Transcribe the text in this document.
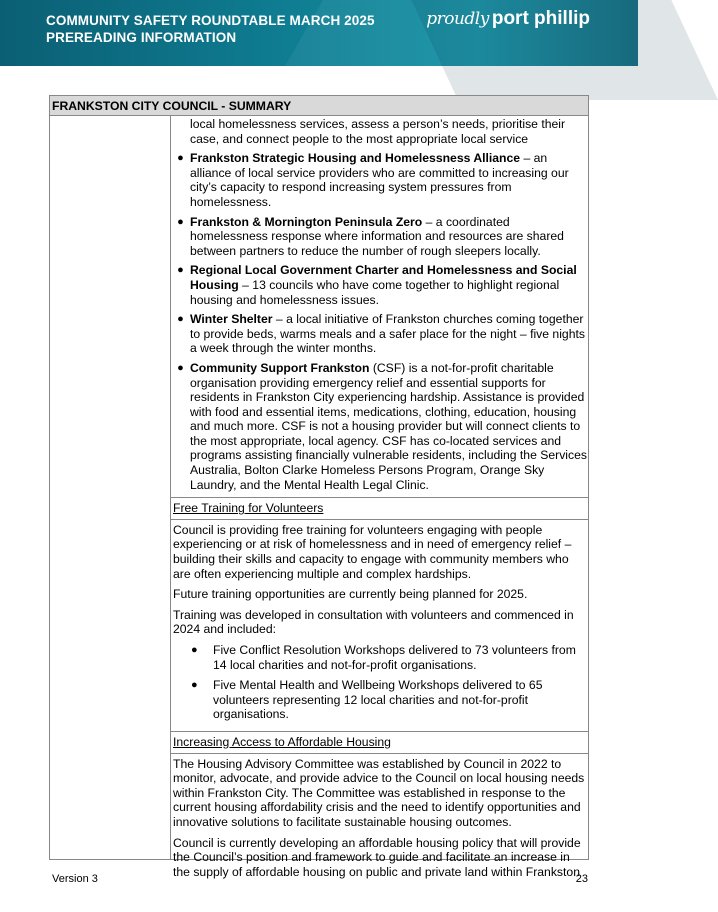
COMMUNITY SAFETY ROUNDTABLE MARCH 2025
PREREADING INFORMATION
proudly port phillip
FRANKSTON CITY COUNCIL - SUMMARY
local homelessness services, assess a person’s needs, prioritise their case, and connect people to the most appropriate local service
● Frankston Strategic Housing and Homelessness Alliance – an alliance of local service providers who are committed to increasing our city’s capacity to respond increasing system pressures from homelessness.
● Frankston & Mornington Peninsula Zero – a coordinated homelessness response where information and resources are shared between partners to reduce the number of rough sleepers locally.
● Regional Local Government Charter and Homelessness and Social Housing – 13 councils who have come together to highlight regional housing and homelessness issues.
● Winter Shelter – a local initiative of Frankston churches coming together to provide beds, warms meals and a safer place for the night – five nights a week through the winter months.
● Community Support Frankston (CSF) is a not-for-profit charitable organisation providing emergency relief and essential supports for residents in Frankston City experiencing hardship. Assistance is provided with food and essential items, medications, clothing, education, housing and much more. CSF is not a housing provider but will connect clients to the most appropriate, local agency. CSF has co-located services and programs assisting financially vulnerable residents, including the Services Australia, Bolton Clarke Homeless Persons Program, Orange Sky Laundry, and the Mental Health Legal Clinic.
Free Training for Volunteers
Council is providing free training for volunteers engaging with people experiencing or at risk of homelessness and in need of emergency relief – building their skills and capacity to engage with community members who are often experiencing multiple and complex hardships.
Future training opportunities are currently being planned for 2025.
Training was developed in consultation with volunteers and commenced in 2024 and included:
●	Five Conflict Resolution Workshops delivered to 73 volunteers from 14 local charities and not-for-profit organisations.
●	Five Mental Health and Wellbeing Workshops delivered to 65 volunteers representing 12 local charities and not-for-profit organisations.
Increasing Access to Affordable Housing
The Housing Advisory Committee was established by Council in 2022 to monitor, advocate, and provide advice to the Council on local housing needs within Frankston City. The Committee was established in response to the current housing affordability crisis and the need to identify opportunities and innovative solutions to facilitate sustainable housing outcomes.
Council is currently developing an affordable housing policy that will provide the Council’s position and framework to guide and facilitate an increase in the supply of affordable housing on public and private land within Frankston
Version 3	23
